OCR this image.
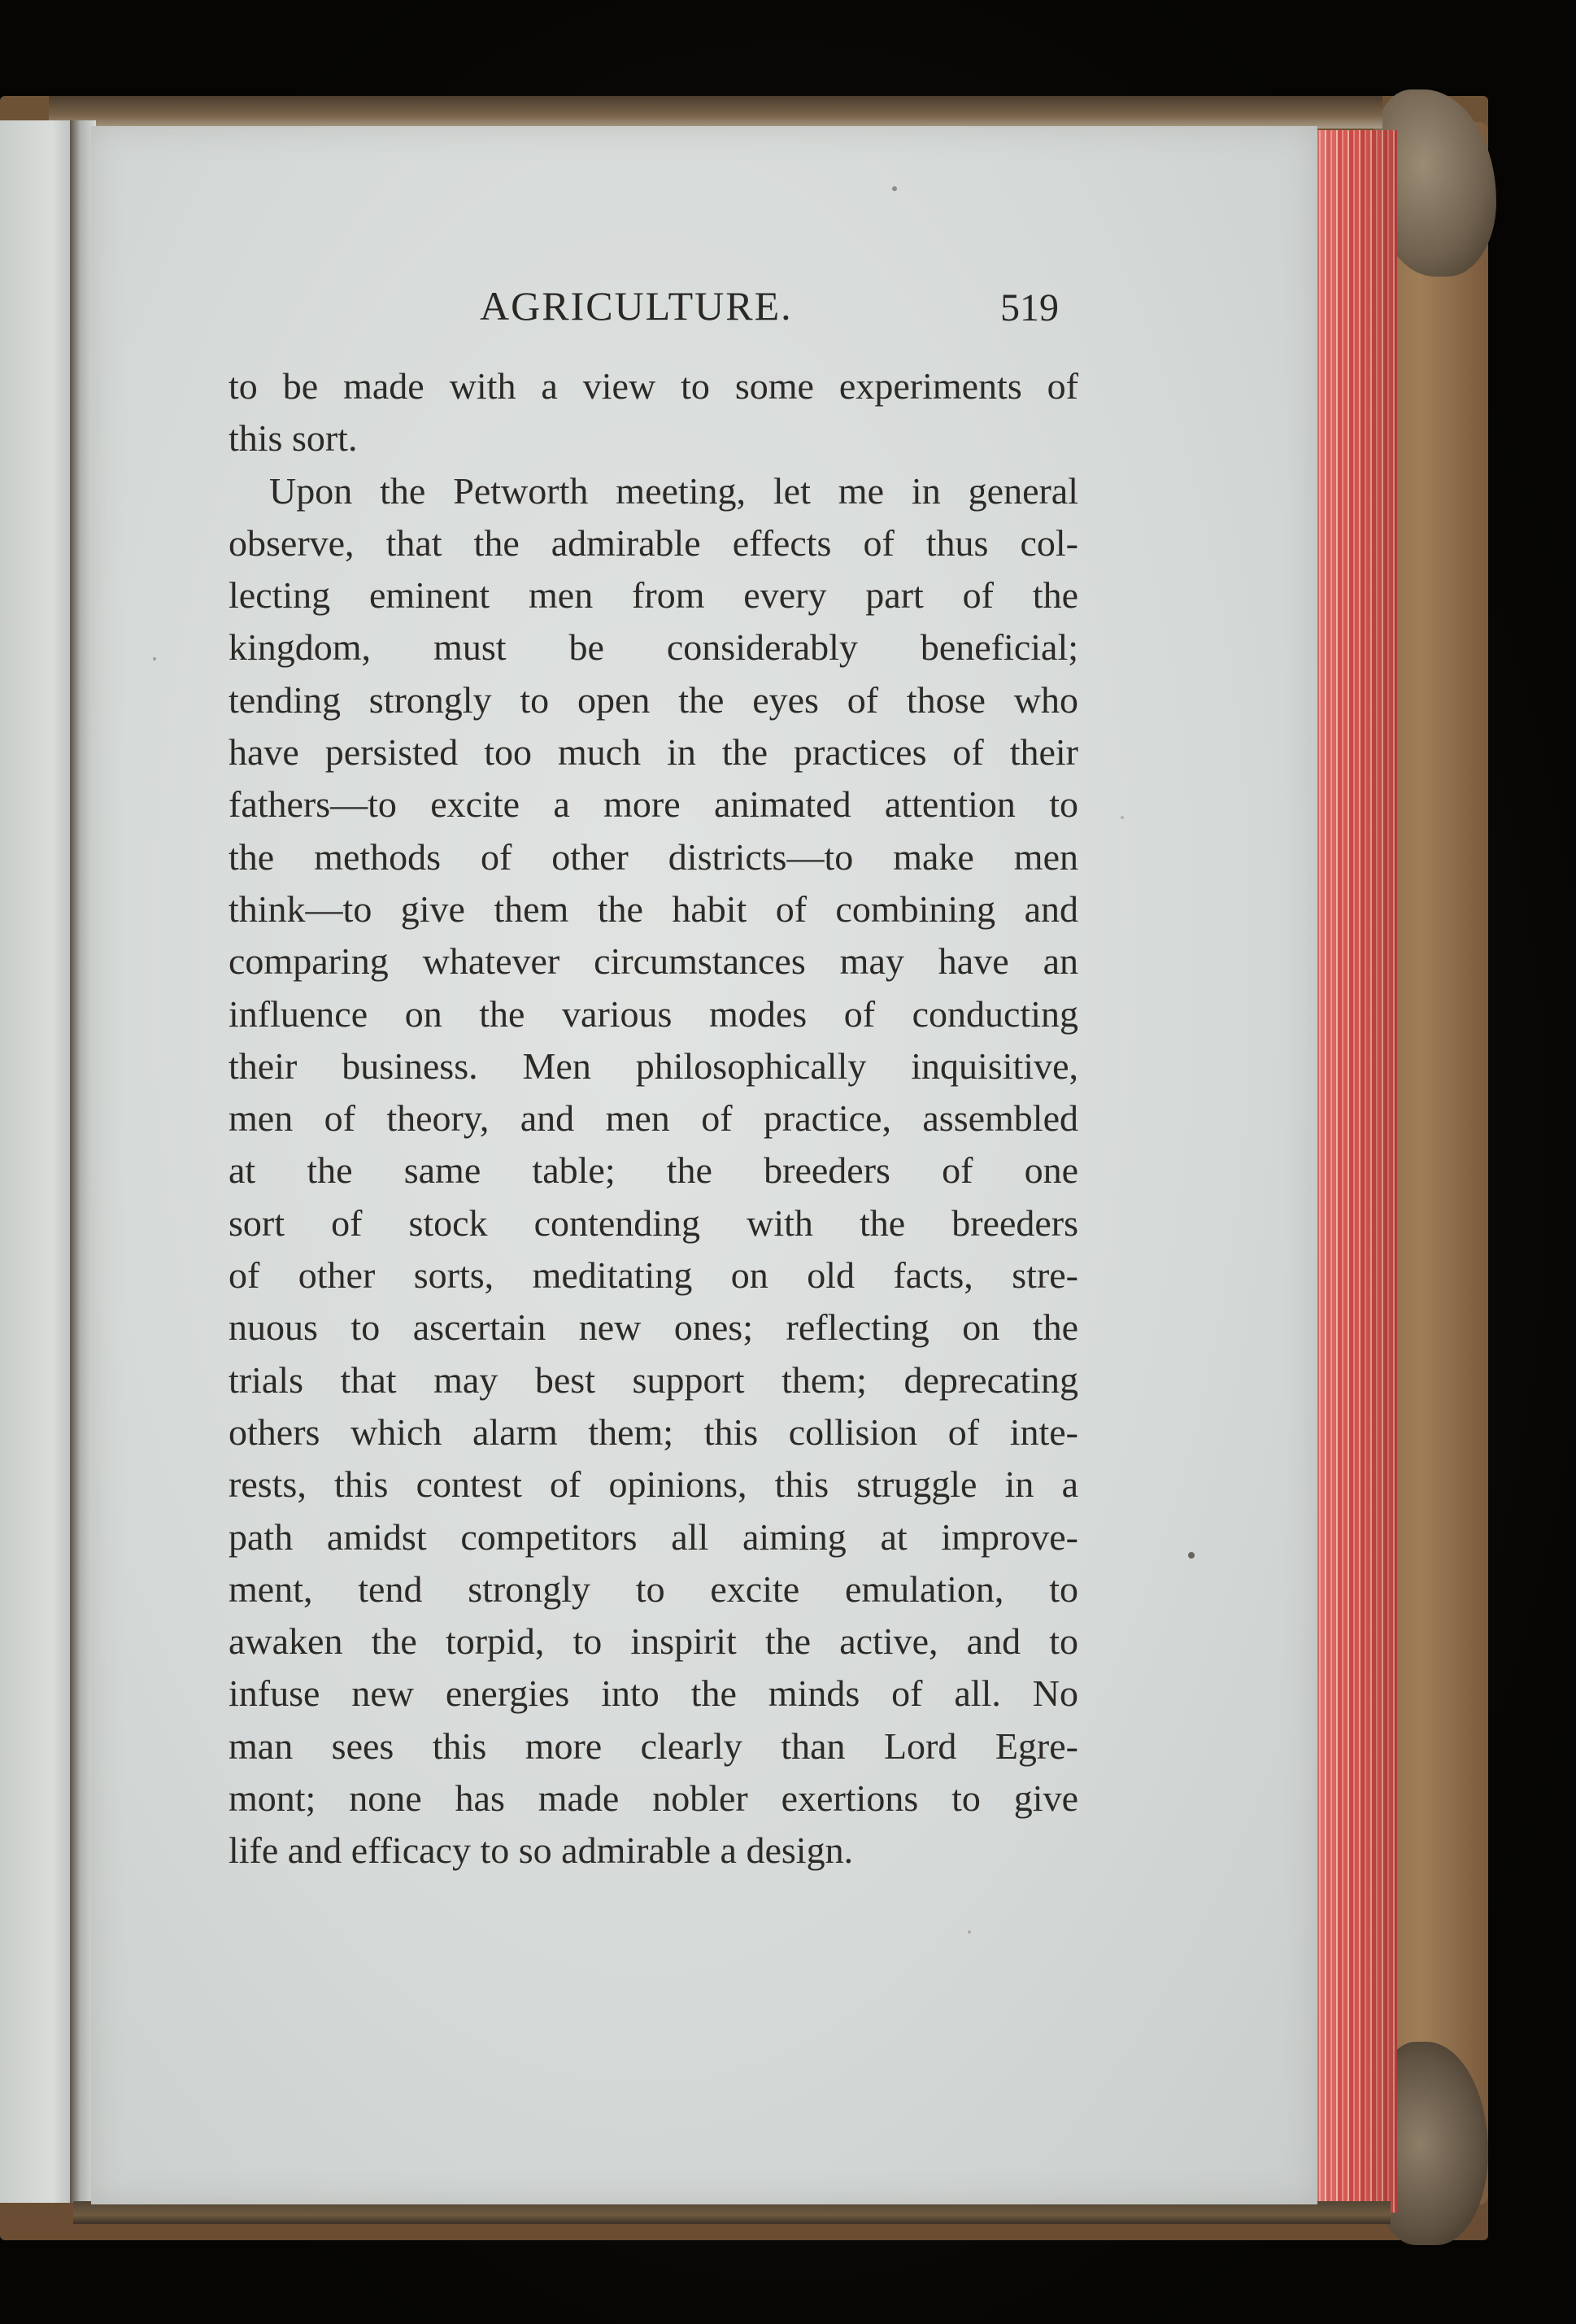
AGRICULTURE.	519
to be made with a view to some experiments of
this sort.
Upon the Petworth meeting, let me in general
observe, that the admirable effects of thus col-
lecting eminent men from every part of the
kingdom, must be considerably beneficial;
tending strongly to open the eyes of those who
have persisted too much in the practices of their
fathers—to excite a more animated attention to
the methods of other districts—to make men
think—to give them the habit of combining and
comparing whatever circumstances may have an
influence on the various modes of conducting
their business. Men philosophically inquisitive,
men of theory, and men of practice, assembled
at the same table; the breeders of one
sort of stock contending with the breeders
of other sorts, meditating on old facts, stre-
nuous to ascertain new ones; reflecting on the
trials that may best support them; deprecating
others which alarm them; this collision of inte-
rests, this contest of opinions, this struggle in a
path amidst competitors all aiming at improve-
ment, tend strongly to excite emulation, to
awaken the torpid, to inspirit the active, and to
infuse new energies into the minds of all. No
man sees this more clearly than Lord Egre-
mont; none has made nobler exertions to give
life and efficacy to so admirable a design.
